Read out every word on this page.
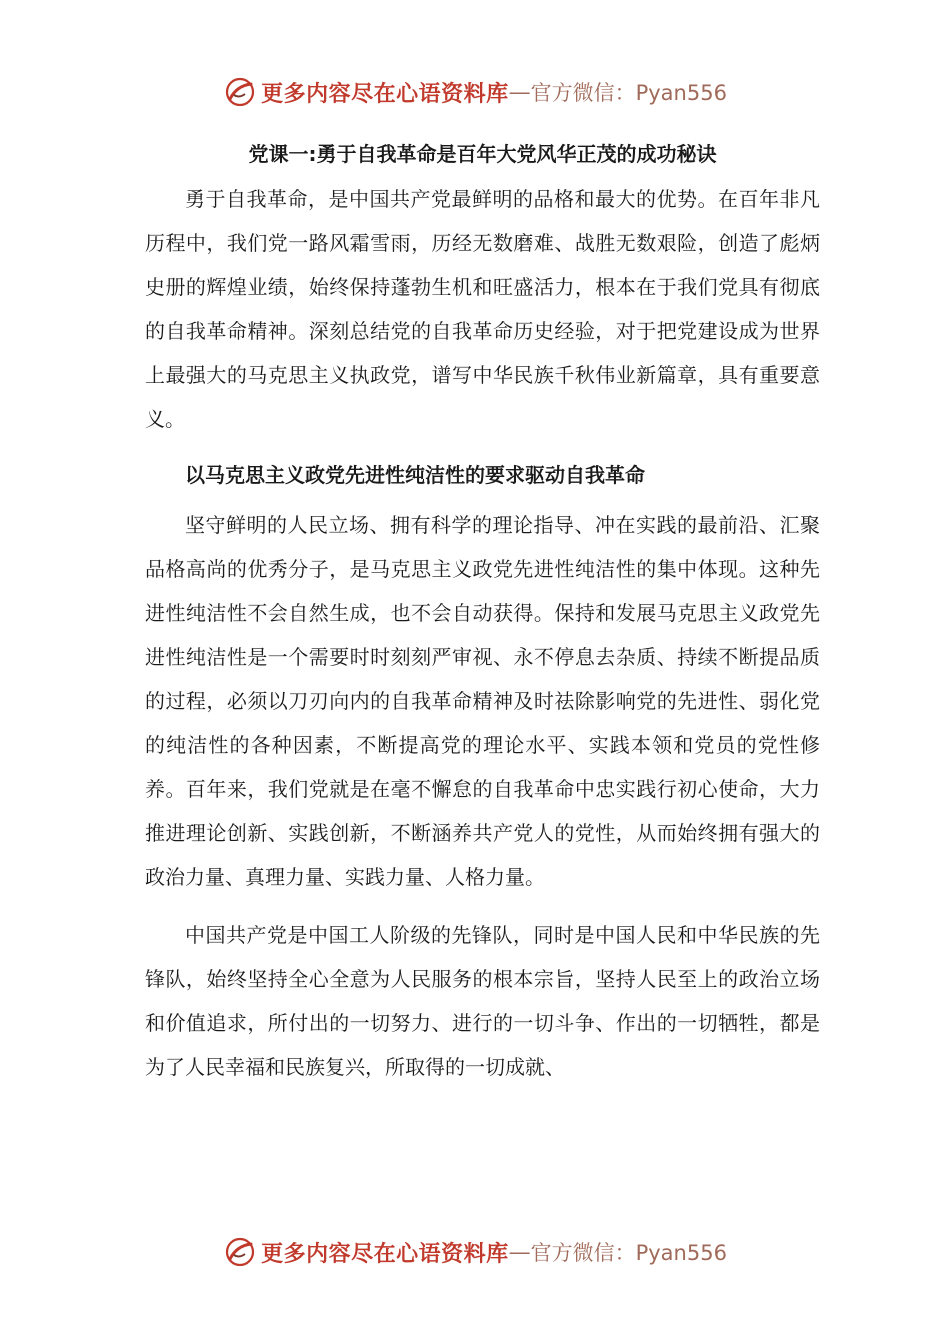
更多内容尽在心语资料库 — 官方微信：Pyan556
党课一:勇于自我革命是百年大党风华正茂的成功秘诀

勇于自我革命，是中国共产党最鲜明的品格和最大的优势。在百年非凡历程中，我们党一路风霜雪雨，历经无数磨难、战胜无数艰险，创造了彪炳史册的辉煌业绩，始终保持蓬勃生机和旺盛活力，根本在于我们党具有彻底的自我革命精神。深刻总结党的自我革命历史经验，对于把党建设成为世界上最强大的马克思主义执政党，谱写中华民族千秋伟业新篇章，具有重要意义。

以马克思主义政党先进性纯洁性的要求驱动自我革命

坚守鲜明的人民立场、拥有科学的理论指导、冲在实践的最前沿、汇聚品格高尚的优秀分子，是马克思主义政党先进性纯洁性的集中体现。这种先进性纯洁性不会自然生成，也不会自动获得。保持和发展马克思主义政党先进性纯洁性是一个需要时时刻刻严审视、永不停息去杂质、持续不断提品质的过程，必须以刀刃向内的自我革命精神及时祛除影响党的先进性、弱化党的纯洁性的各种因素，不断提高党的理论水平、实践本领和党员的党性修养。百年来，我们党就是在毫不懈怠的自我革命中忠实践行初心使命，大力推进理论创新、实践创新，不断涵养共产党人的党性，从而始终拥有强大的政治力量、真理力量、实践力量、人格力量。

中国共产党是中国工人阶级的先锋队，同时是中国人民和中华民族的先锋队，始终坚持全心全意为人民服务的根本宗旨，坚持人民至上的政治立场和价值追求，所付出的一切努力、进行的一切斗争、作出的一切牺牲，都是为了人民幸福和民族复兴，所取得的一切成就、

更多内容尽在心语资料库 — 官方微信：Pyan556
